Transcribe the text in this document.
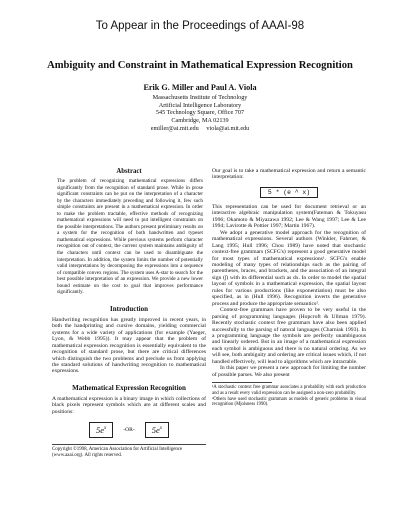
To Appear in the Proceedings of AAAI-98
Ambiguity and Constraint in Mathematical Expression Recognition
Erik G. Miller and Paul A. Viola
Massachusetts Institute of Technology
Artificial Intelligence Laboratory
545 Technology Square, Office 707
Cambridge, MA 02139
emiller@ai.mit.edu     viola@ai.mit.edu
Abstract
The problem of recognizing mathematical expressions differs significantly from the recognition of standard prose. While in prose significant constraints can be put on the interpretation of a character by the characters immediately preceding and following it, few such simple constraints are present in a mathematical expression. In order to make the problem tractable, effective methods of recognizing mathematical expressions will need to put intelligent constraints on the possible interpretations. The authors present preliminary results on a system for the recognition of both handwritten and typeset mathematical expressions. While previous systems perform character recognition out of context, the current system maintains ambiguity of the characters until context can be used to disambiguate the interpretation. In addition, the system limits the number of potentially valid interpretations by decomposing the expressions into a sequence of compatible convex regions. The system uses A-star to search for the best possible interpretation of an expression. We provide a new lower bound estimate on the cost to goal that improves performance significantly.
Introduction
Handwriting recognition has greatly improved in recent years, in both the handprinting and cursive domains, yielding commercial systems for a wide variety of applications (for example (Yaeger, Lyon, & Webb 1995)). It may appear that the problem of mathematical expression recognition is essentially equivalent to the recognition of standard prose, but there are critical differences which distinguish the two problems and preclude us from applying the standard solutions of handwriting recognition to mathematical expressions.
Mathematical Expression Recognition
A mathematical expression is a binary image in which collections of black pixels represent symbols which are at different scales and positions:
$5e^x$	-OR-	$5e^x$
Copyright ©1998, American Association for Artificial Intelligence (www.aaai.org). All rights reserved.
Our goal is to take a mathematical expression and return a semantic interpretation:
5 * (e ^ x)
This representation can be used for document retrieval or an interactive algebraic manipulation system(Fateman & Tokuyasu 1996; Okamoto & Miyazawa 1992; Lee & Wang 1997; Lee & Lee 1994; Lavirotte & Pottier 1997; Martin 1967).
We adopt a generative model approach for the recognition of mathematical expressions. Several authors (Winkler, Fahrner, & Lang 1995; Hull 1996; Chou 1989) have noted that stochastic context-free grammars (SCFG's) represent a good generative model for most types of mathematical expressions¹. SCFG's enable modeling of many types of relationships such as the pairing of parentheses, braces, and brackets, and the association of an integral sign (∫) with its differential such as dx. In order to model the spatial layout of symbols in a mathematical expression, the spatial layout rules for various productions (like exponentiation) must be also specified, as in (Hull 1996). Recognition inverts the generative process and produce the appropriate semantics².
Context-free grammars have proven to be very useful in the parsing of programming languages (Hopcroft & Ullman 1979). Recently stochastic context free grammars have also been applied successfully to the parsing of natural languages (Charniak 1993). In a programming language the symbols are perfectly unambiguous and linearly ordered. But in an image of a mathematical expression each symbol is ambiguous and there is no natural ordering. As we will see, both ambiguity and ordering are critical issues which, if not handled effectively, will lead to algorithms which are intractable.
In this paper we present a new approach for limiting the number of possible parses. We also present
¹A stochastic context free grammar associates a probability with each production and as a result every valid expression can be assigned a non-zero probability.
²Others have used stochastic grammars as models of generic problems in visual recognition (Mjolsness 1990).
